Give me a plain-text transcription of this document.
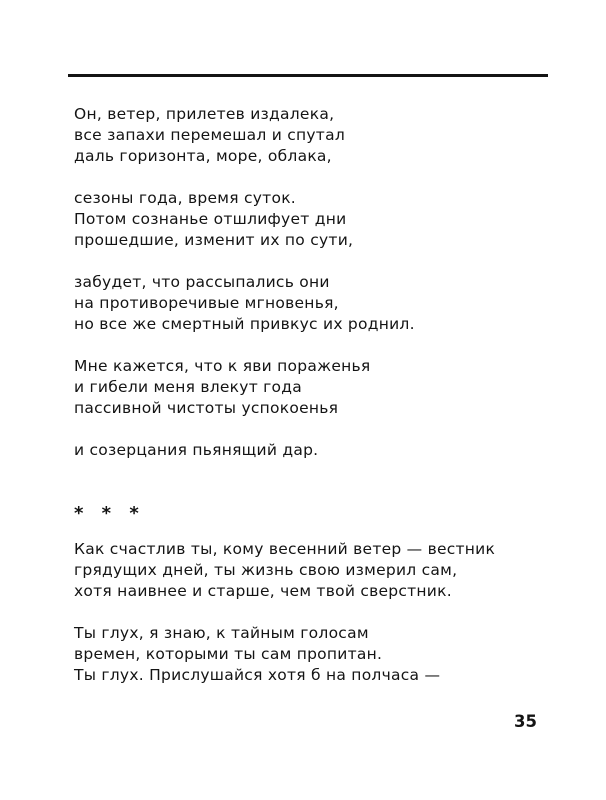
Он, ветер, прилетев издалека,
все запахи перемешал и спутал
даль горизонта, море, облака,
сезоны года, время суток.
Потом сознанье отшлифует дни
прошедшие, изменит их по сути,
забудет, что рассыпались они
на противоречивые мгновенья,
но все же смертный привкус их роднил.
Мне кажется, что к яви пораженья
и гибели меня влекут года
пассивной чистоты успокоенья
и созерцания пьянящий дар.
* * *
Как счастлив ты, кому весенний ветер — вестник
грядущих дней, ты жизнь свою измерил сам,
хотя наивнее и старше, чем твой сверстник.
Ты глух, я знаю, к тайным голосам
времен, которыми ты сам пропитан.
Ты глух. Прислушайся хотя б на полчаса —
35
